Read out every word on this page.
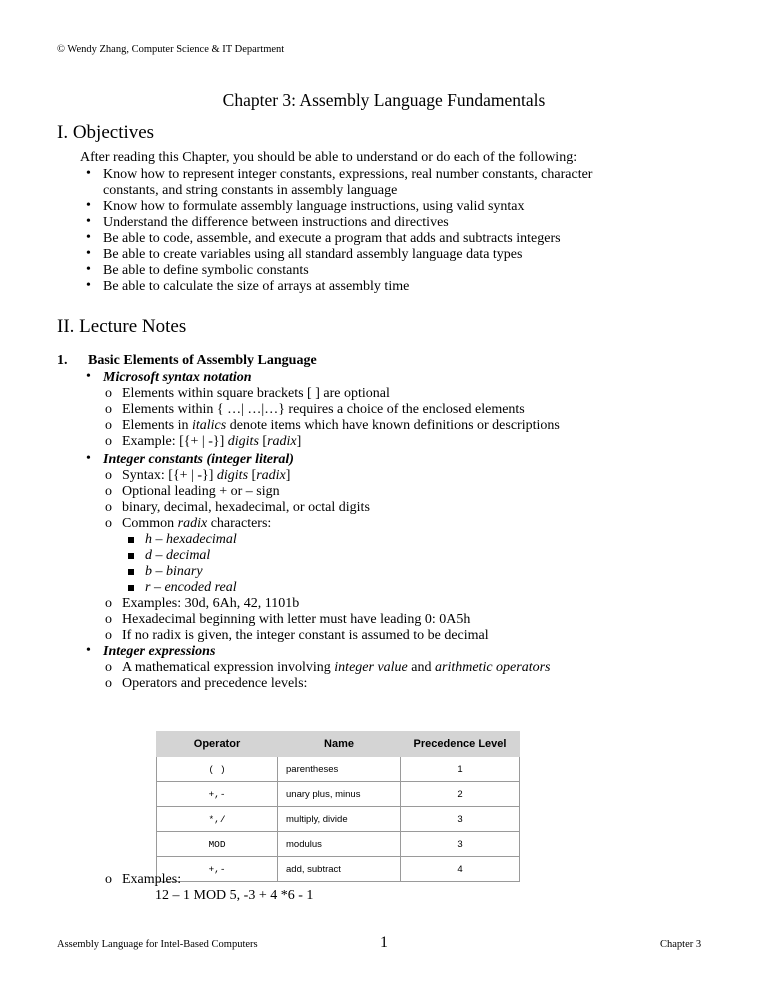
© Wendy Zhang, Computer Science & IT Department
Chapter 3: Assembly Language Fundamentals
I. Objectives
After reading this Chapter, you should be able to understand or do each of the following:
• Know how to represent integer constants, expressions, real number constants, character
constants, and string constants in assembly language
• Know how to formulate assembly language instructions, using valid syntax
• Understand the difference between instructions and directives
• Be able to code, assemble, and execute a program that adds and subtracts integers
• Be able to create variables using all standard assembly language data types
• Be able to define symbolic constants
• Be able to calculate the size of arrays at assembly time
II. Lecture Notes
1. Basic Elements of Assembly Language
• Microsoft syntax notation
o Elements within square brackets [ ] are optional
o Elements within { …| …|…} requires a choice of the enclosed elements
o Elements in italics denote items which have known definitions or descriptions
o Example: [{+ | -}] digits [radix]
• Integer constants (integer literal)
o Syntax: [{+ | -}] digits [radix]
o Optional leading + or – sign
o binary, decimal, hexadecimal, or octal digits
o Common radix characters:
h – hexadecimal
d – decimal
b – binary
r – encoded real
o Examples: 30d, 6Ah, 42, 1101b
o Hexadecimal beginning with letter must have leading 0: 0A5h
o If no radix is given, the integer constant is assumed to be decimal
• Integer expressions
o A mathematical expression involving integer value and arithmetic operators
o Operators and precedence levels:
Operator	Name	Precedence Level
( )	parentheses	1
+,-	unary plus, minus	2
*,/	multiply, divide	3
MOD	modulus	3
+,-	add, subtract	4
o Examples:
12 – 1 MOD 5, -3 + 4 *6 - 1
Assembly Language for Intel-Based Computers	1	Chapter 3
